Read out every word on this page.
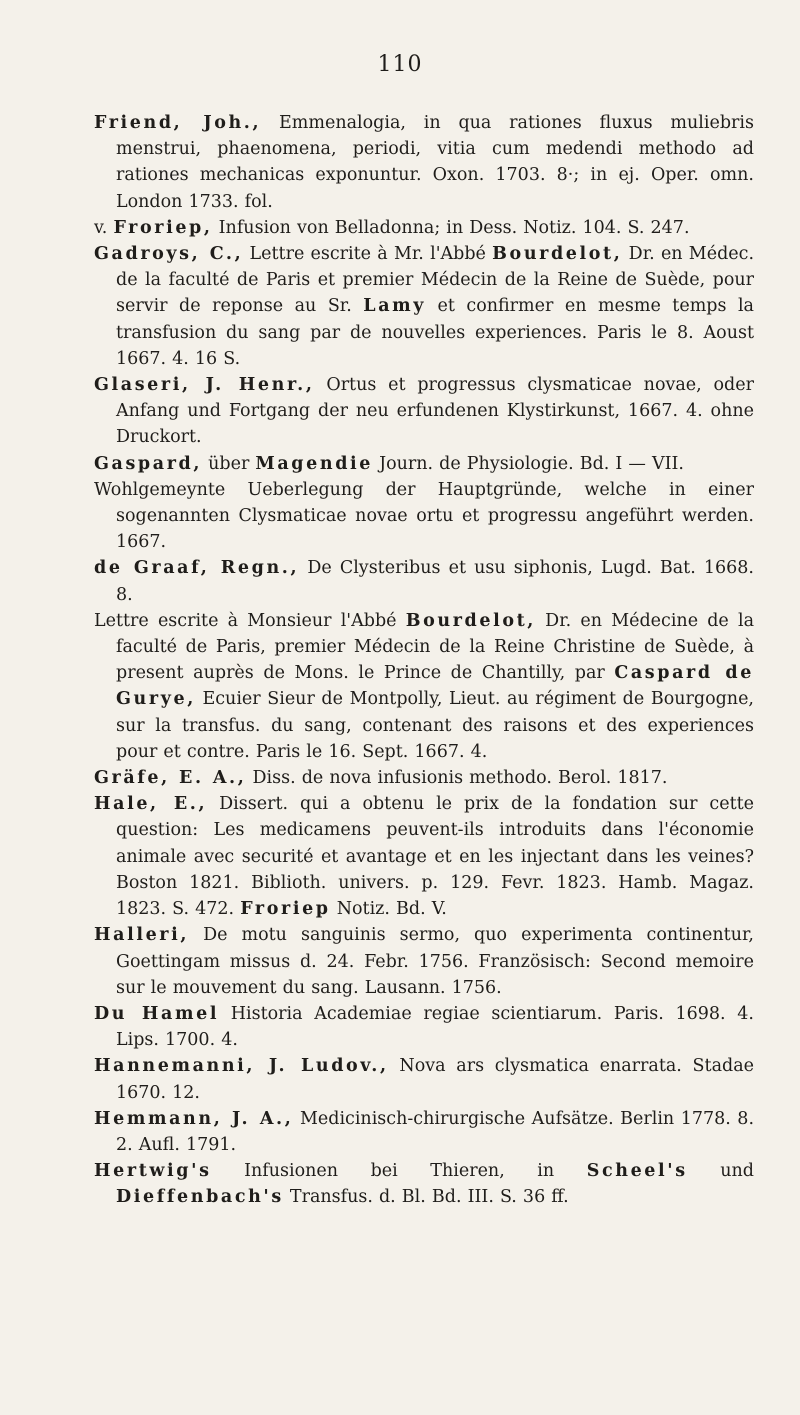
110

Friend, Joh., Emmenalogia, in qua rationes fluxus muliebris menstrui, phaenomena, periodi, vitia cum medendi methodo ad rationes mechanicas exponuntur. Oxon. 1703. 8·; in ej. Oper. omn. London 1733. fol.

v. Froriep, Infusion von Belladonna; in Dess. Notiz. 104. S. 247.

Gadroys, C., Lettre escrite à Mr. l'Abbé Bourdelot, Dr. en Médec. de la faculté de Paris et premier Médecin de la Reine de Suède, pour servir de reponse au Sr. Lamy et confirmer en mesme temps la transfusion du sang par de nouvelles experiences. Paris le 8. Aoust 1667. 4. 16 S.

Glaseri, J. Henr., Ortus et progressus clysmaticae novae, oder Anfang und Fortgang der neu erfundenen Klystirkunst, 1667. 4. ohne Druckort.

Gaspard, über Magendie Journ. de Physiologie. Bd. I — VII.

Wohlgemeynte Ueberlegung der Hauptgründe, welche in einer sogenannten Clysmaticae novae ortu et progressu angeführt werden. 1667.

de Graaf, Regn., De Clysteribus et usu siphonis, Lugd. Bat. 1668. 8.

Lettre escrite à Monsieur l'Abbé Bourdelot, Dr. en Médecine de la faculté de Paris, premier Médecin de la Reine Christine de Suède, à present auprès de Mons. le Prince de Chantilly, par Caspard de Gurye, Ecuier Sieur de Montpolly, Lieut. au régiment de Bourgogne, sur la transfus. du sang, contenant des raisons et des experiences pour et contre. Paris le 16. Sept. 1667. 4.

Gräfe, E. A., Diss. de nova infusionis methodo. Berol. 1817.

Hale, E., Dissert. qui a obtenu le prix de la fondation sur cette question: Les medicamens peuvent-ils introduits dans l'économie animale avec securité et avantage et en les injectant dans les veines? Boston 1821. Biblioth. univers. p. 129. Fevr. 1823. Hamb. Magaz. 1823. S. 472. Froriep Notiz. Bd. V.

Halleri, De motu sanguinis sermo, quo experimenta continentur, Goettingam missus d. 24. Febr. 1756. Französisch: Second memoire sur le mouvement du sang. Lausann. 1756.

Du Hamel Historia Academiae regiae scientiarum. Paris. 1698. 4. Lips. 1700. 4.

Hannemanni, J. Ludov., Nova ars clysmatica enarrata. Stadae 1670. 12.

Hemmann, J. A., Medicinisch-chirurgische Aufsätze. Berlin 1778. 8. 2. Aufl. 1791.

Hertwig's Infusionen bei Thieren, in Scheel's und Dieffenbach's Transfus. d. Bl. Bd. III. S. 36 ff.
